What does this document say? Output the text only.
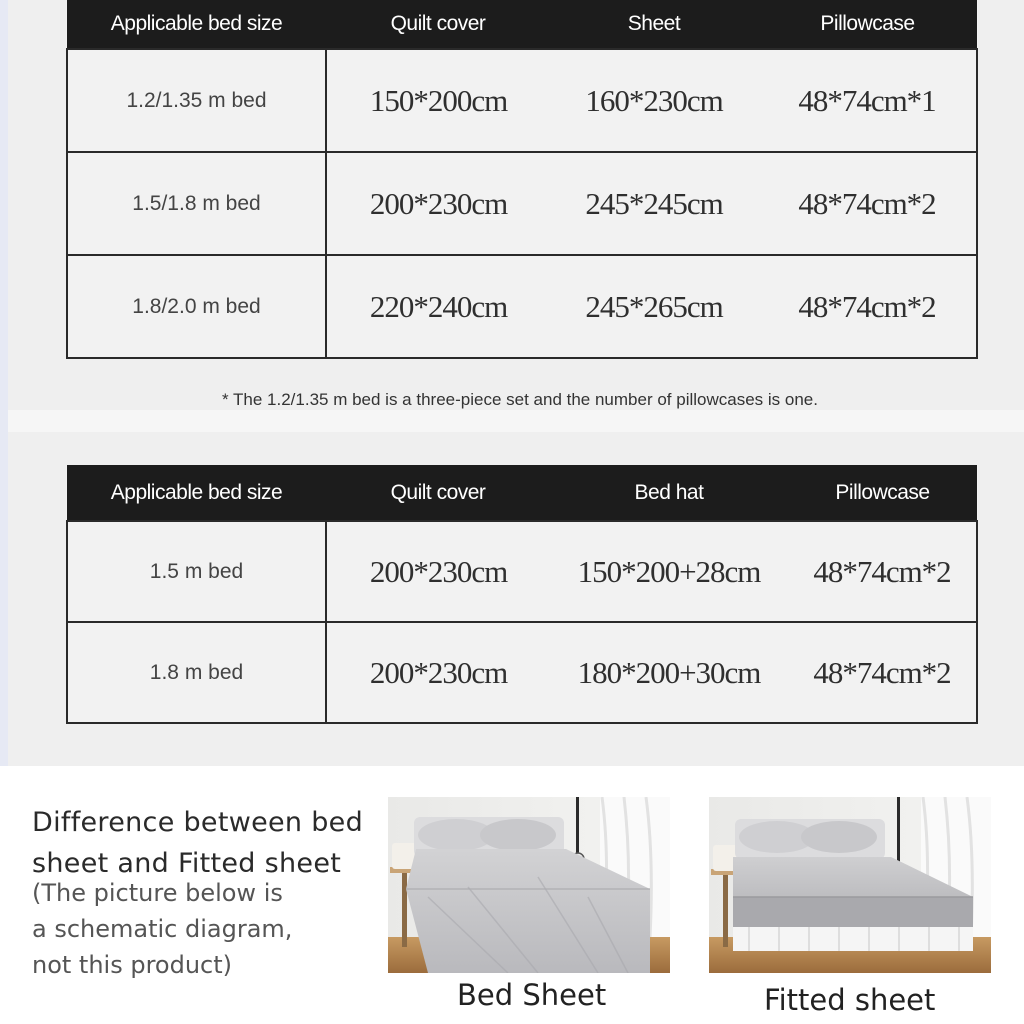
Applicable bed size	Quilt cover	Sheet	Pillowcase
1.2/1.35 m bed	150*200cm	160*230cm	48*74cm*1
1.5/1.8 m bed	200*230cm	245*245cm	48*74cm*2
1.8/2.0 m bed	220*240cm	245*265cm	48*74cm*2
* The 1.2/1.35 m bed is a three-piece set and the number of pillowcases is one.
Applicable bed size	Quilt cover	Bed hat	Pillowcase
1.5 m bed	200*230cm	150*200+28cm	48*74cm*2
1.8 m bed	200*230cm	180*200+30cm	48*74cm*2
Difference between bed
sheet and Fitted sheet
(The picture below is
a schematic diagram,
not this product)
Bed Sheet	Fitted sheet
